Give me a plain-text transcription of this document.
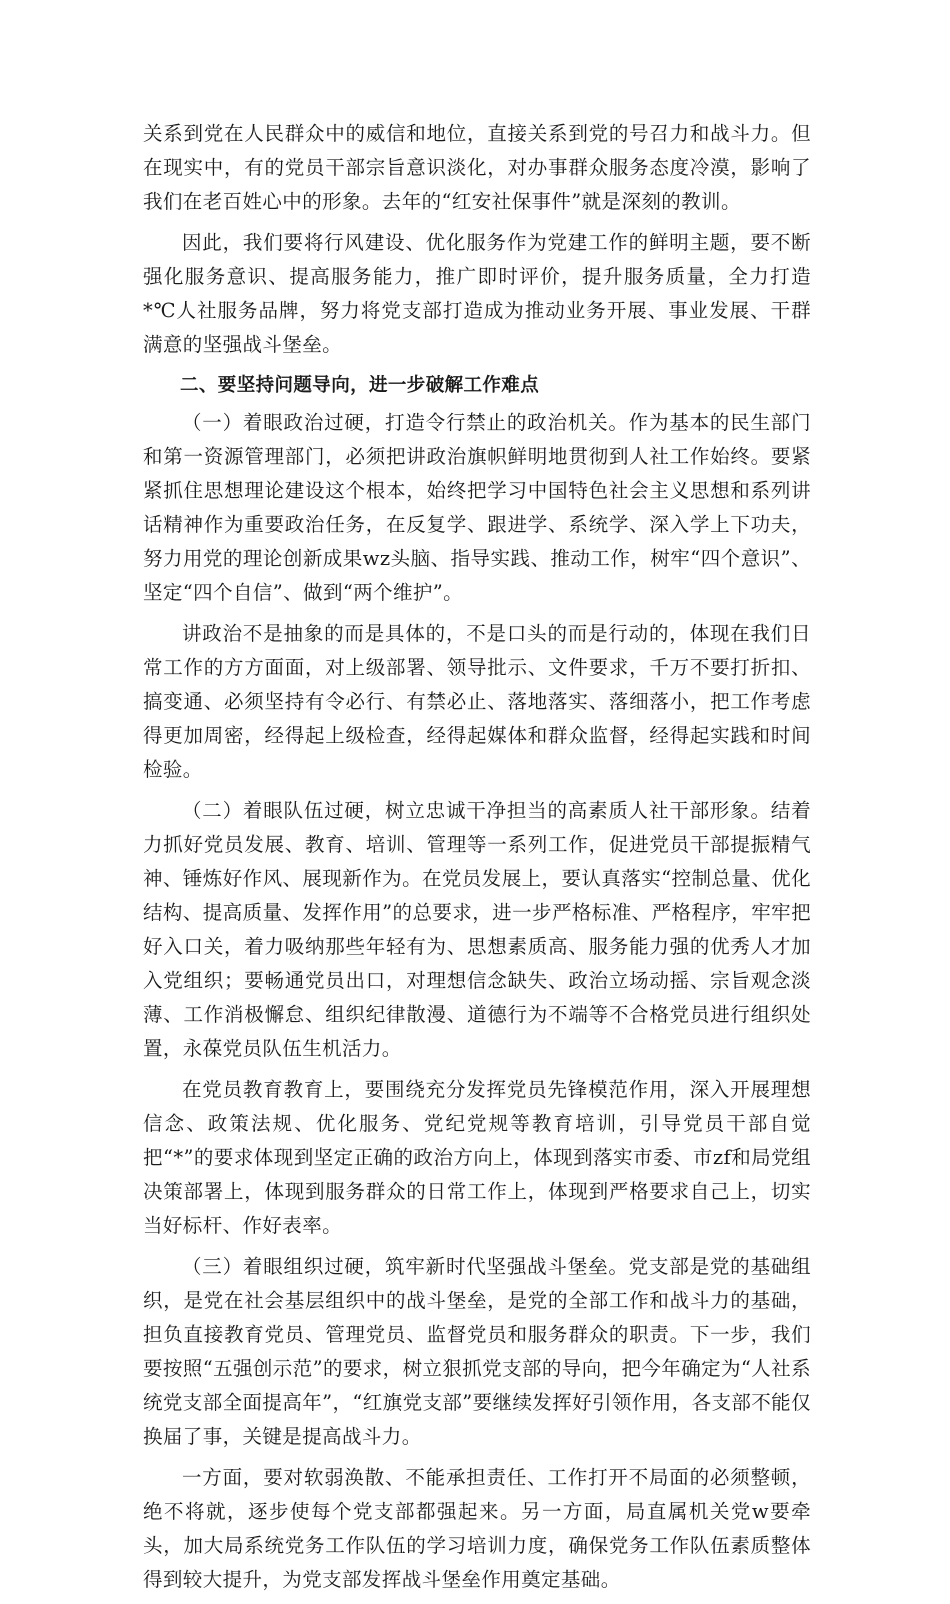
关系到党在人民群众中的威信和地位，直接关系到党的号召力和战斗力。但在现实中，有的党员干部宗旨意识淡化，对办事群众服务态度冷漠，影响了我们在老百姓心中的形象。去年的“红安社保事件”就是深刻的教训。

因此，我们要将行风建设、优化服务作为党建工作的鲜明主题，要不断强化服务意识、提高服务能力，推广即时评价，提升服务质量，全力打造*℃人社服务品牌，努力将党支部打造成为推动业务开展、事业发展、干群满意的坚强战斗堡垒。

二、要坚持问题导向，进一步破解工作难点

（一）着眼政治过硬，打造令行禁止的政治机关。作为基本的民生部门和第一资源管理部门，必须把讲政治旗帜鲜明地贯彻到人社工作始终。要紧紧抓住思想理论建设这个根本，始终把学习中国特色社会主义思想和系列讲话精神作为重要政治任务，在反复学、跟进学、系统学、深入学上下功夫，努力用党的理论创新成果wz头脑、指导实践、推动工作，树牢“四个意识”、坚定“四个自信”、做到“两个维护”。

讲政治不是抽象的而是具体的，不是口头的而是行动的，体现在我们日常工作的方方面面，对上级部署、领导批示、文件要求，千万不要打折扣、搞变通、必须坚持有令必行、有禁必止、落地落实、落细落小，把工作考虑得更加周密，经得起上级检查，经得起媒体和群众监督，经得起实践和时间检验。

（二）着眼队伍过硬，树立忠诚干净担当的高素质人社干部形象。结着力抓好党员发展、教育、培训、管理等一系列工作，促进党员干部提振精气神、锤炼好作风、展现新作为。在党员发展上，要认真落实“控制总量、优化结构、提高质量、发挥作用”的总要求，进一步严格标准、严格程序，牢牢把好入口关，着力吸纳那些年轻有为、思想素质高、服务能力强的优秀人才加入党组织；要畅通党员出口，对理想信念缺失、政治立场动摇、宗旨观念淡薄、工作消极懈怠、组织纪律散漫、道德行为不端等不合格党员进行组织处置，永葆党员队伍生机活力。

在党员教育教育上，要围绕充分发挥党员先锋模范作用，深入开展理想信念、政策法规、优化服务、党纪党规等教育培训，引导党员干部自觉把“*”的要求体现到坚定正确的政治方向上，体现到落实市委、市zf和局党组决策部署上，体现到服务群众的日常工作上，体现到严格要求自己上，切实当好标杆、作好表率。

（三）着眼组织过硬，筑牢新时代坚强战斗堡垒。党支部是党的基础组织，是党在社会基层组织中的战斗堡垒，是党的全部工作和战斗力的基础，担负直接教育党员、管理党员、监督党员和服务群众的职责。下一步，我们要按照“五强创示范”的要求，树立狠抓党支部的导向，把今年确定为“人社系统党支部全面提高年”，“红旗党支部”要继续发挥好引领作用，各支部不能仅换届了事，关键是提高战斗力。

一方面，要对软弱涣散、不能承担责任、工作打开不局面的必须整顿，绝不将就，逐步使每个党支部都强起来。另一方面，局直属机关党w要牵头，加大局系统党务工作队伍的学习培训力度，确保党务工作队伍素质整体得到较大提升，为党支部发挥战斗堡垒作用奠定基础。
